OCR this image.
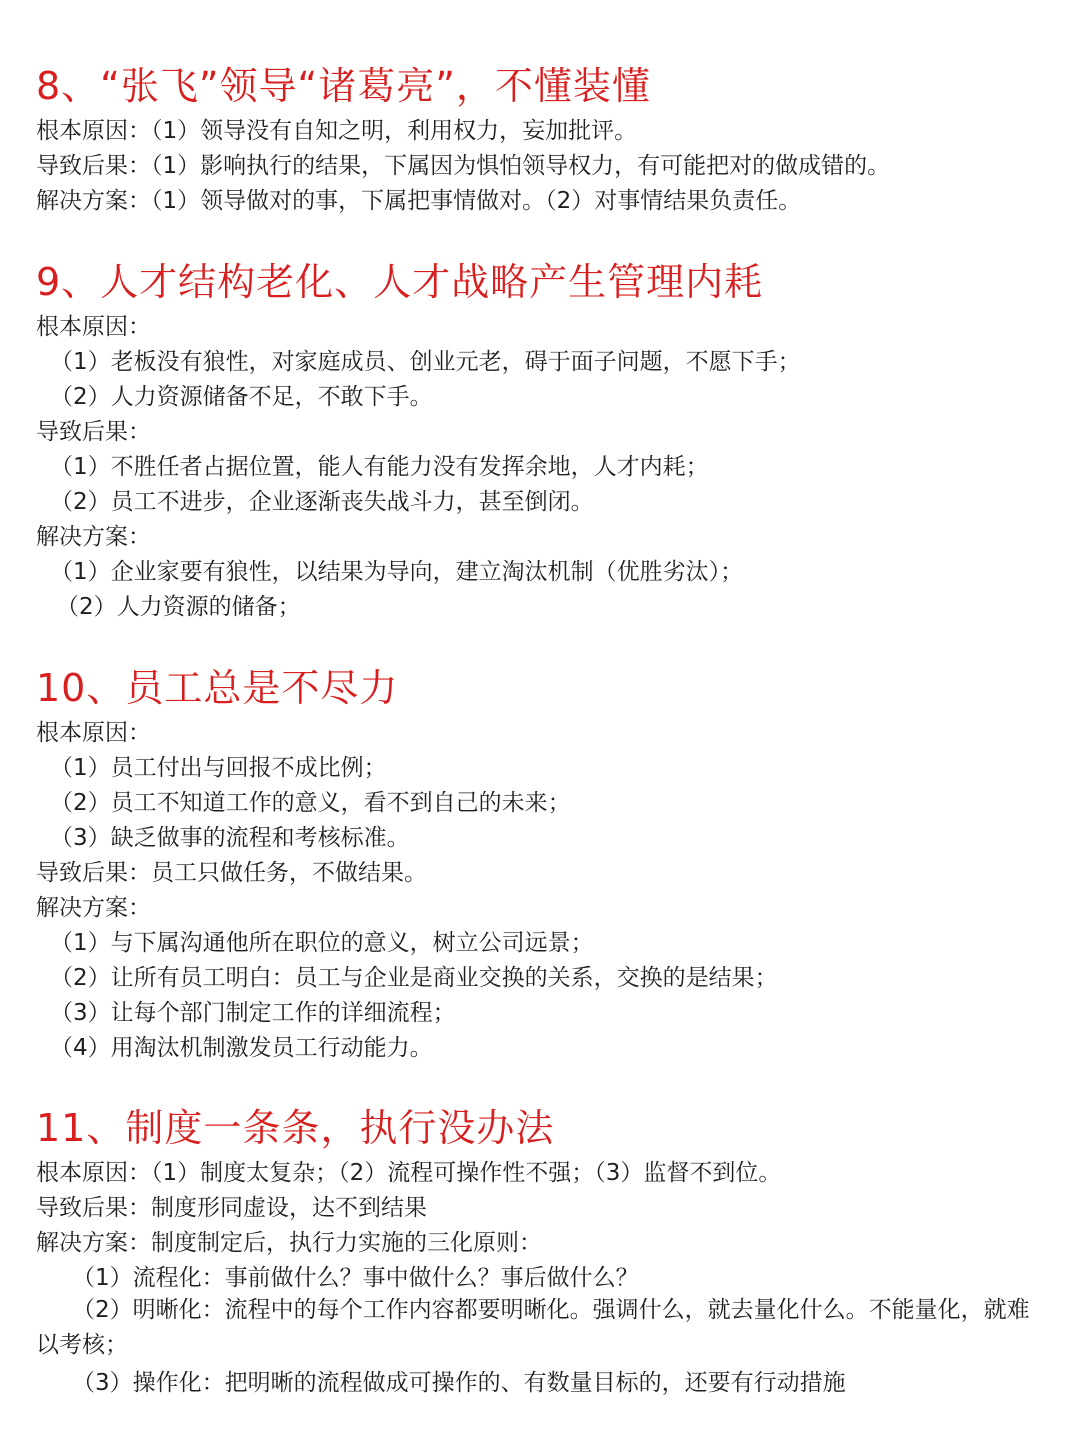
8、“张飞”领导“诸葛亮”，不懂装懂

根本原因：（1）领导没有自知之明，利用权力，妄加批评。

导致后果：（1）影响执行的结果，下属因为惧怕领导权力，有可能把对的做成错的。

解决方案：（1）领导做对的事，下属把事情做对。（2）对事情结果负责任。

9、人才结构老化、人才战略产生管理内耗

根本原因：

（1）老板没有狼性，对家庭成员、创业元老，碍于面子问题，不愿下手；

（2）人力资源储备不足，不敢下手。

导致后果：

（1）不胜任者占据位置，能人有能力没有发挥余地，人才内耗；

（2）员工不进步，企业逐渐丧失战斗力，甚至倒闭。

解决方案：

（1）企业家要有狼性，以结果为导向，建立淘汰机制（优胜劣汰）；

（2）人力资源的储备；

10、员工总是不尽力

根本原因：

（1）员工付出与回报不成比例；

（2）员工不知道工作的意义，看不到自己的未来；

（3）缺乏做事的流程和考核标准。

导致后果：员工只做任务，不做结果。

解决方案：

（1）与下属沟通他所在职位的意义，树立公司远景；

（2）让所有员工明白：员工与企业是商业交换的关系，交换的是结果；

（3）让每个部门制定工作的详细流程；

（4）用淘汰机制激发员工行动能力。

11、制度一条条，执行没办法

根本原因：（1）制度太复杂；（2）流程可操作性不强；（3）监督不到位。

导致后果：制度形同虚设，达不到结果

解决方案：制度制定后，执行力实施的三化原则：

（1）流程化：事前做什么？事中做什么？事后做什么？

（2）明晰化：流程中的每个工作内容都要明晰化。强调什么，就去量化什么。不能量化，就难以考核；

（3）操作化：把明晰的流程做成可操作的、有数量目标的，还要有行动措施
